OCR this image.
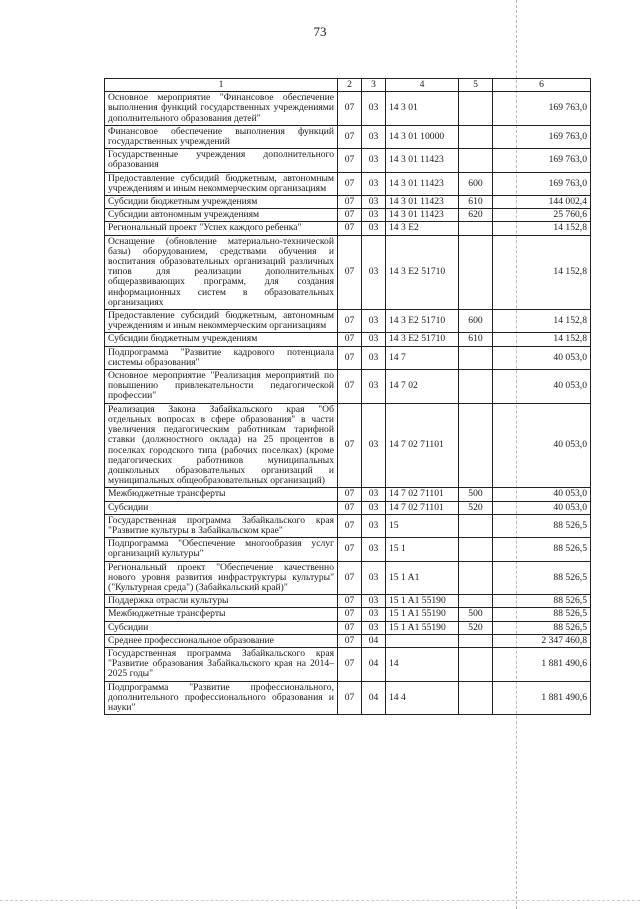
73
1	2	3	4	5	6
Основное мероприятие "Финансовое обеспечение выполнения функций государственных учреждениями дополнительного образования детей"	07	03	14 3 01		169 763,0
Финансовое обеспечение выполнения функций государственных учреждений	07	03	14 3 01 10000		169 763,0
Государственные учреждения дополнительного образования	07	03	14 3 01 11423		169 763,0
Предоставление субсидий бюджетным, автономным учреждениям и иным некоммерческим организациям	07	03	14 3 01 11423	600	169 763,0
Субсидии бюджетным учреждениям	07	03	14 3 01 11423	610	144 002,4
Субсидии автономным учреждениям	07	03	14 3 01 11423	620	25 760,6
Региональный проект "Успех каждого ребенка"	07	03	14 3 E2		14 152,8
Оснащение (обновление материально-технической базы) оборудованием, средствами обучения и воспитания образовательных организаций различных типов для реализации дополнительных общеразвивающих программ, для создания информационных систем в образовательных организациях	07	03	14 3 E2 51710		14 152,8
Предоставление субсидий бюджетным, автономным учреждениям и иным некоммерческим организациям	07	03	14 3 E2 51710	600	14 152,8
Субсидии бюджетным учреждениям	07	03	14 3 E2 51710	610	14 152,8
Подпрограмма "Развитие кадрового потенциала системы образования"	07	03	14 7		40 053,0
Основное мероприятие "Реализация мероприятий по повышению привлекательности педагогической профессии"	07	03	14 7 02		40 053,0
Реализация Закона Забайкальского края "Об отдельных вопросах в сфере образования" в части увеличения педагогическим работникам тарифной ставки (должностного оклада) на 25 процентов в поселках городского типа (рабочих поселках) (кроме педагогических работников муниципальных дошкольных образовательных организаций и муниципальных общеобразовательных организаций)	07	03	14 7 02 71101		40 053,0
Межбюджетные трансферты	07	03	14 7 02 71101	500	40 053,0
Субсидии	07	03	14 7 02 71101	520	40 053,0
Государственная программа Забайкальского края "Развитие культуры в Забайкальском крае"	07	03	15		88 526,5
Подпрограмма "Обеспечение многообразия услуг организаций культуры"	07	03	15 1		88 526,5
Региональный проект "Обеспечение качественно нового уровня развития инфраструктуры культуры" ("Культурная среда") (Забайкальский край)"	07	03	15 1 A1		88 526,5
Поддержка отрасли культуры	07	03	15 1 A1 55190		88 526,5
Межбюджетные трансферты	07	03	15 1 A1 55190	500	88 526,5
Субсидии	07	03	15 1 A1 55190	520	88 526,5
Среднее профессиональное образование	07	04			2 347 460,8
Государственная программа Забайкальского края "Развитие образования Забайкальского края на 2014–2025 годы"	07	04	14		1 881 490,6
Подпрограмма "Развитие профессионального, дополнительного профессионального образования и науки"	07	04	14 4		1 881 490,6
